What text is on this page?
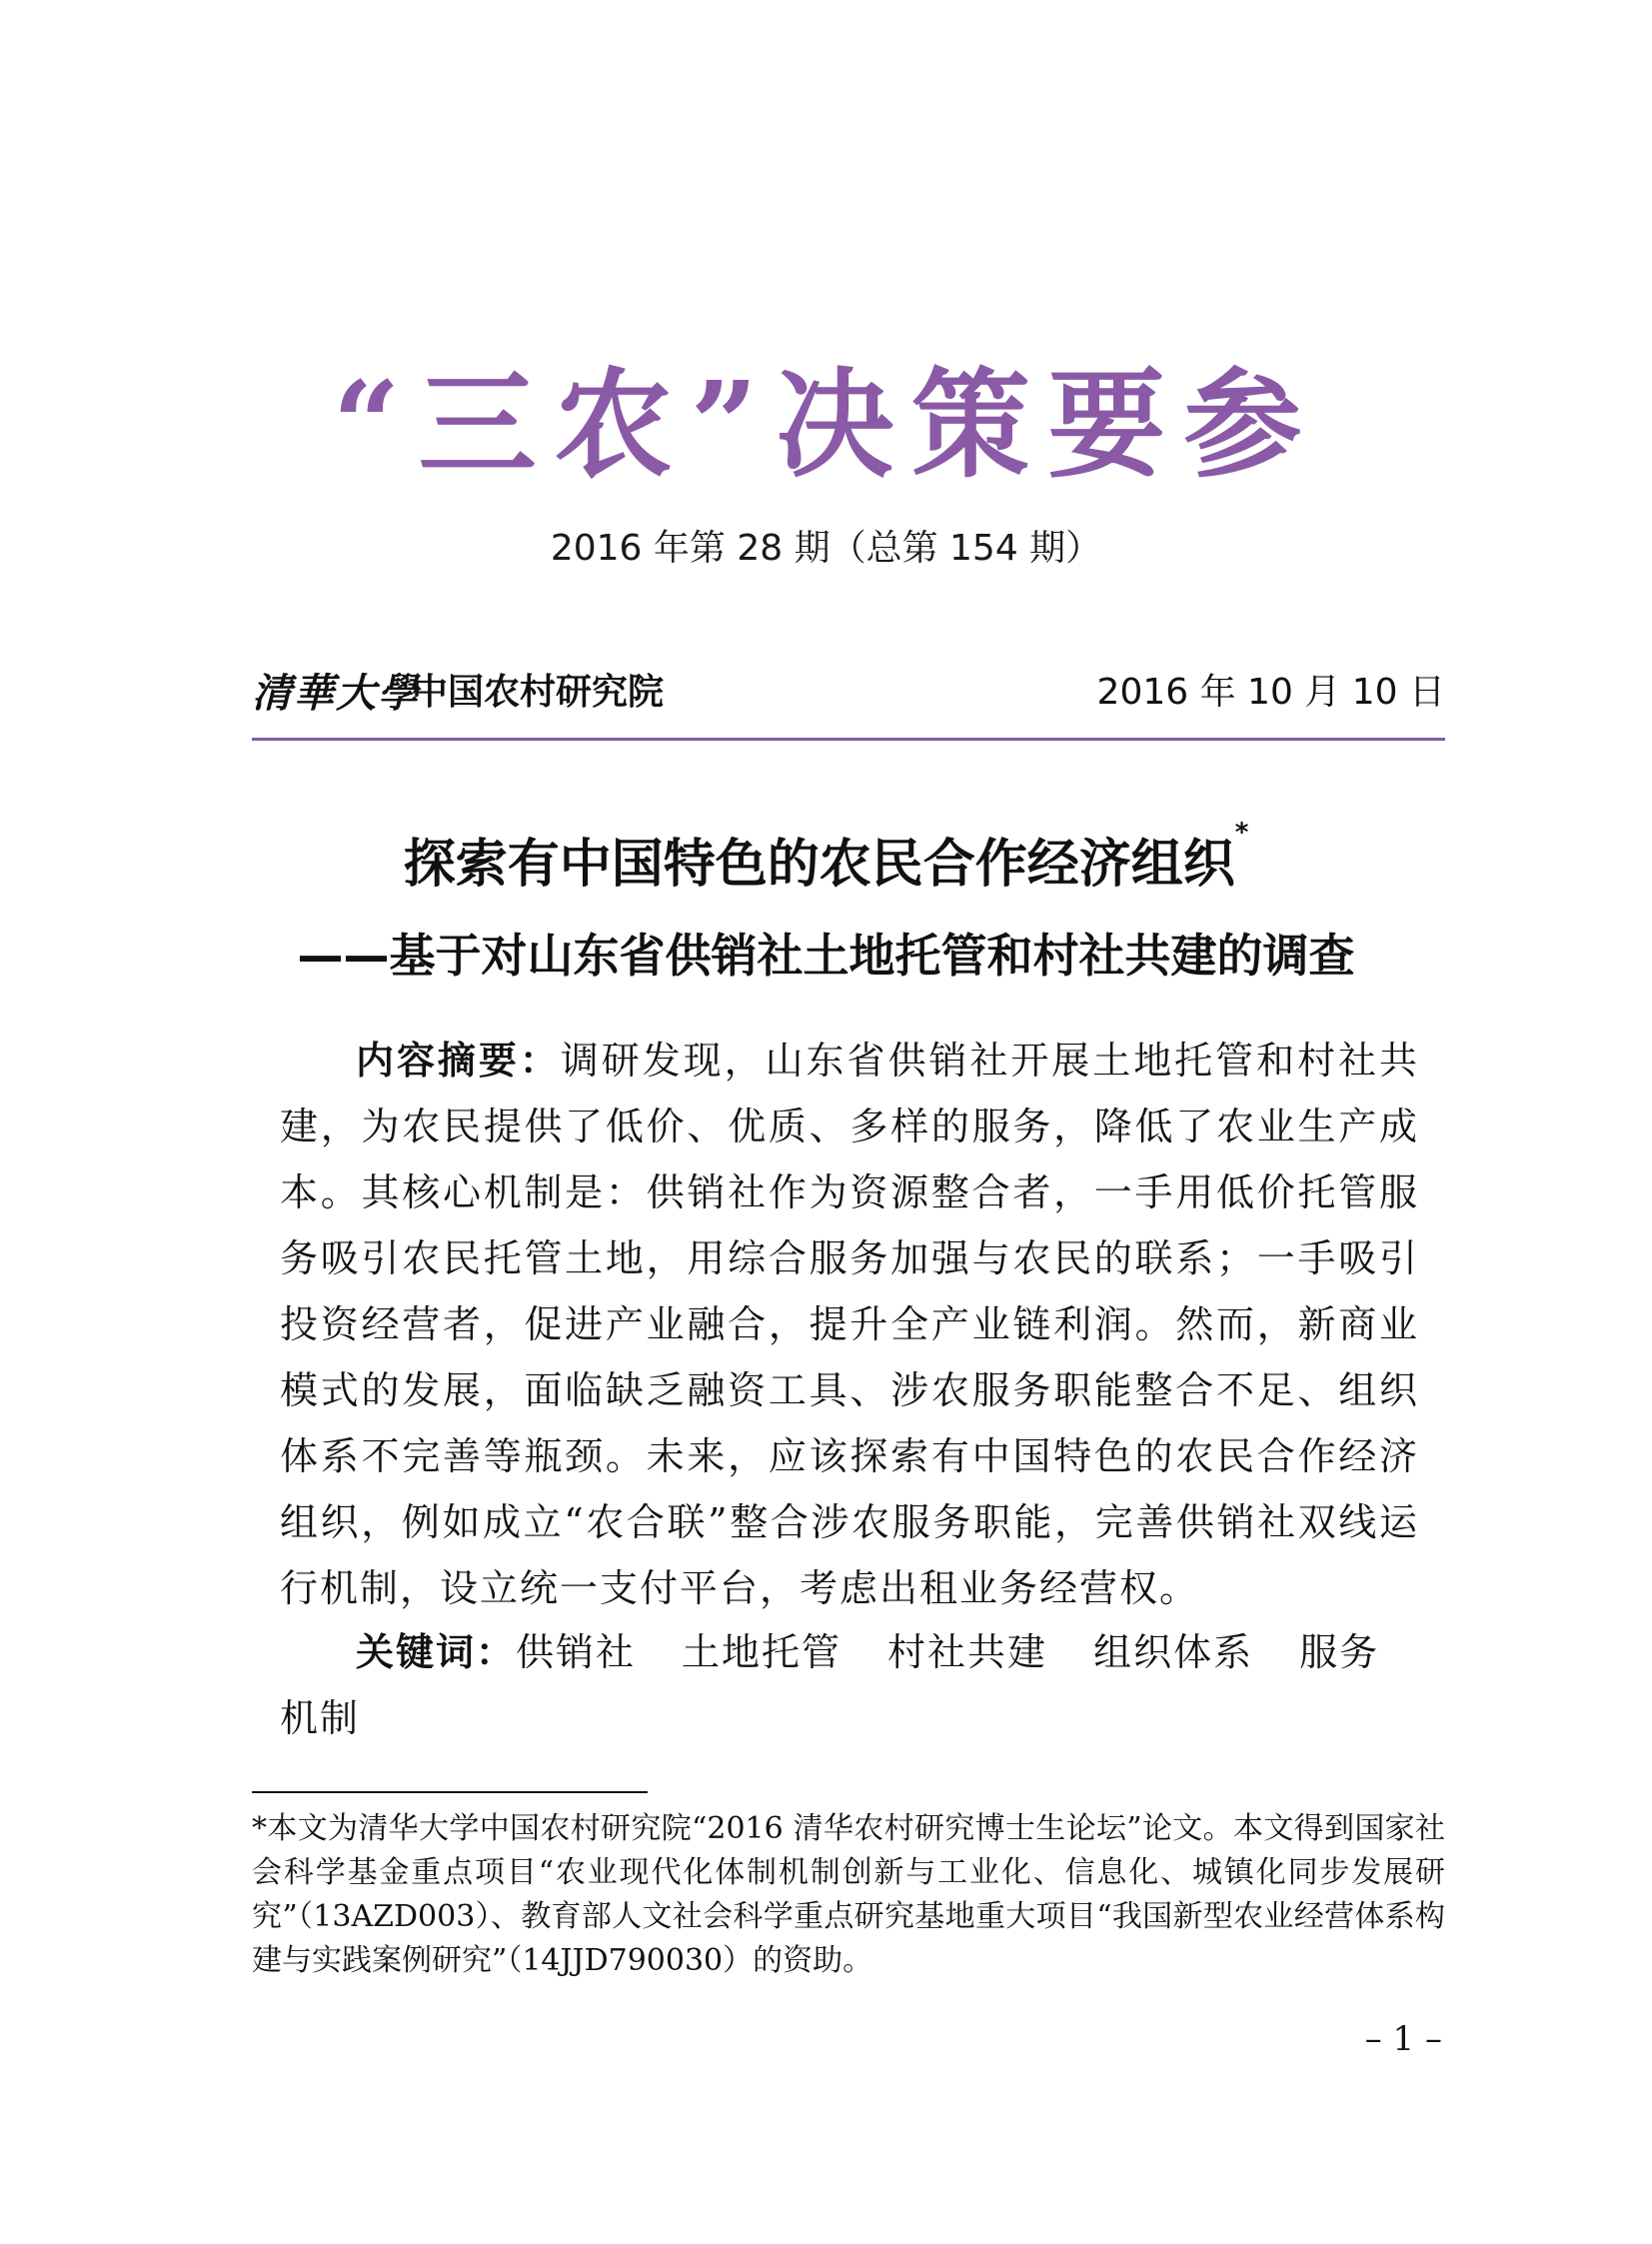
“三农”决策要参
2016 年第 28 期（总第 154 期）
清華大學
中国农村研究院	2016 年 10 月 10 日
探索有中国特色的农民合作经济组织*
——基于对山东省供销社土地托管和村社共建的调查
内容摘要：调研发现，山东省供销社开展土地托管和村社共建，为农民提供了低价、优质、多样的服务，降低了农业生产成本。其核心机制是：供销社作为资源整合者，一手用低价托管服务吸引农民托管土地，用综合服务加强与农民的联系；一手吸引投资经营者，促进产业融合，提升全产业链利润。然而，新商业模式的发展，面临缺乏融资工具、涉农服务职能整合不足、组织体系不完善等瓶颈。未来，应该探索有中国特色的农民合作经济组织，例如成立“农合联”整合涉农服务职能，完善供销社双线运行机制，设立统一支付平台，考虑出租业务经营权。
关键词：供销社 土地托管 村社共建 组织体系 服务机制
*本文为清华大学中国农村研究院“2016 清华农村研究博士生论坛”论文。本文得到国家社会科学基金重点项目“农业现代化体制机制创新与工业化、信息化、城镇化同步发展研究”（13AZD003）、教育部人文社会科学重点研究基地重大项目“我国新型农业经营体系构建与实践案例研究”（14JJD790030）的资助。
– 1 –
